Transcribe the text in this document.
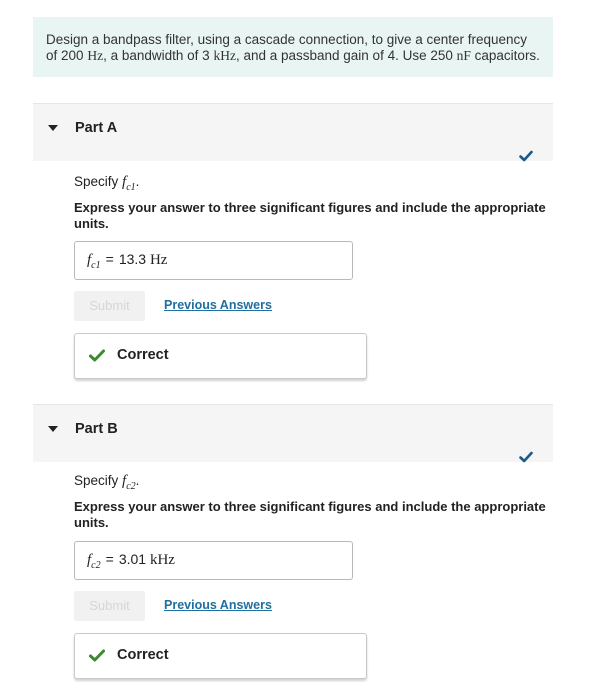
Design a bandpass filter, using a cascade connection, to give a center frequency of 200 Hz, a bandwidth of 3 kHz, and a passband gain of 4. Use 250 nF capacitors.
Part A
Specify $f_{c1}$.
Express your answer to three significant figures and include the appropriate units.
$f_{c1} = 13.3$ Hz
Submit	Previous Answers
Correct
Part B
Specify $f_{c2}$.
Express your answer to three significant figures and include the appropriate units.
$f_{c2} = 3.01$ kHz
Submit	Previous Answers
Correct
